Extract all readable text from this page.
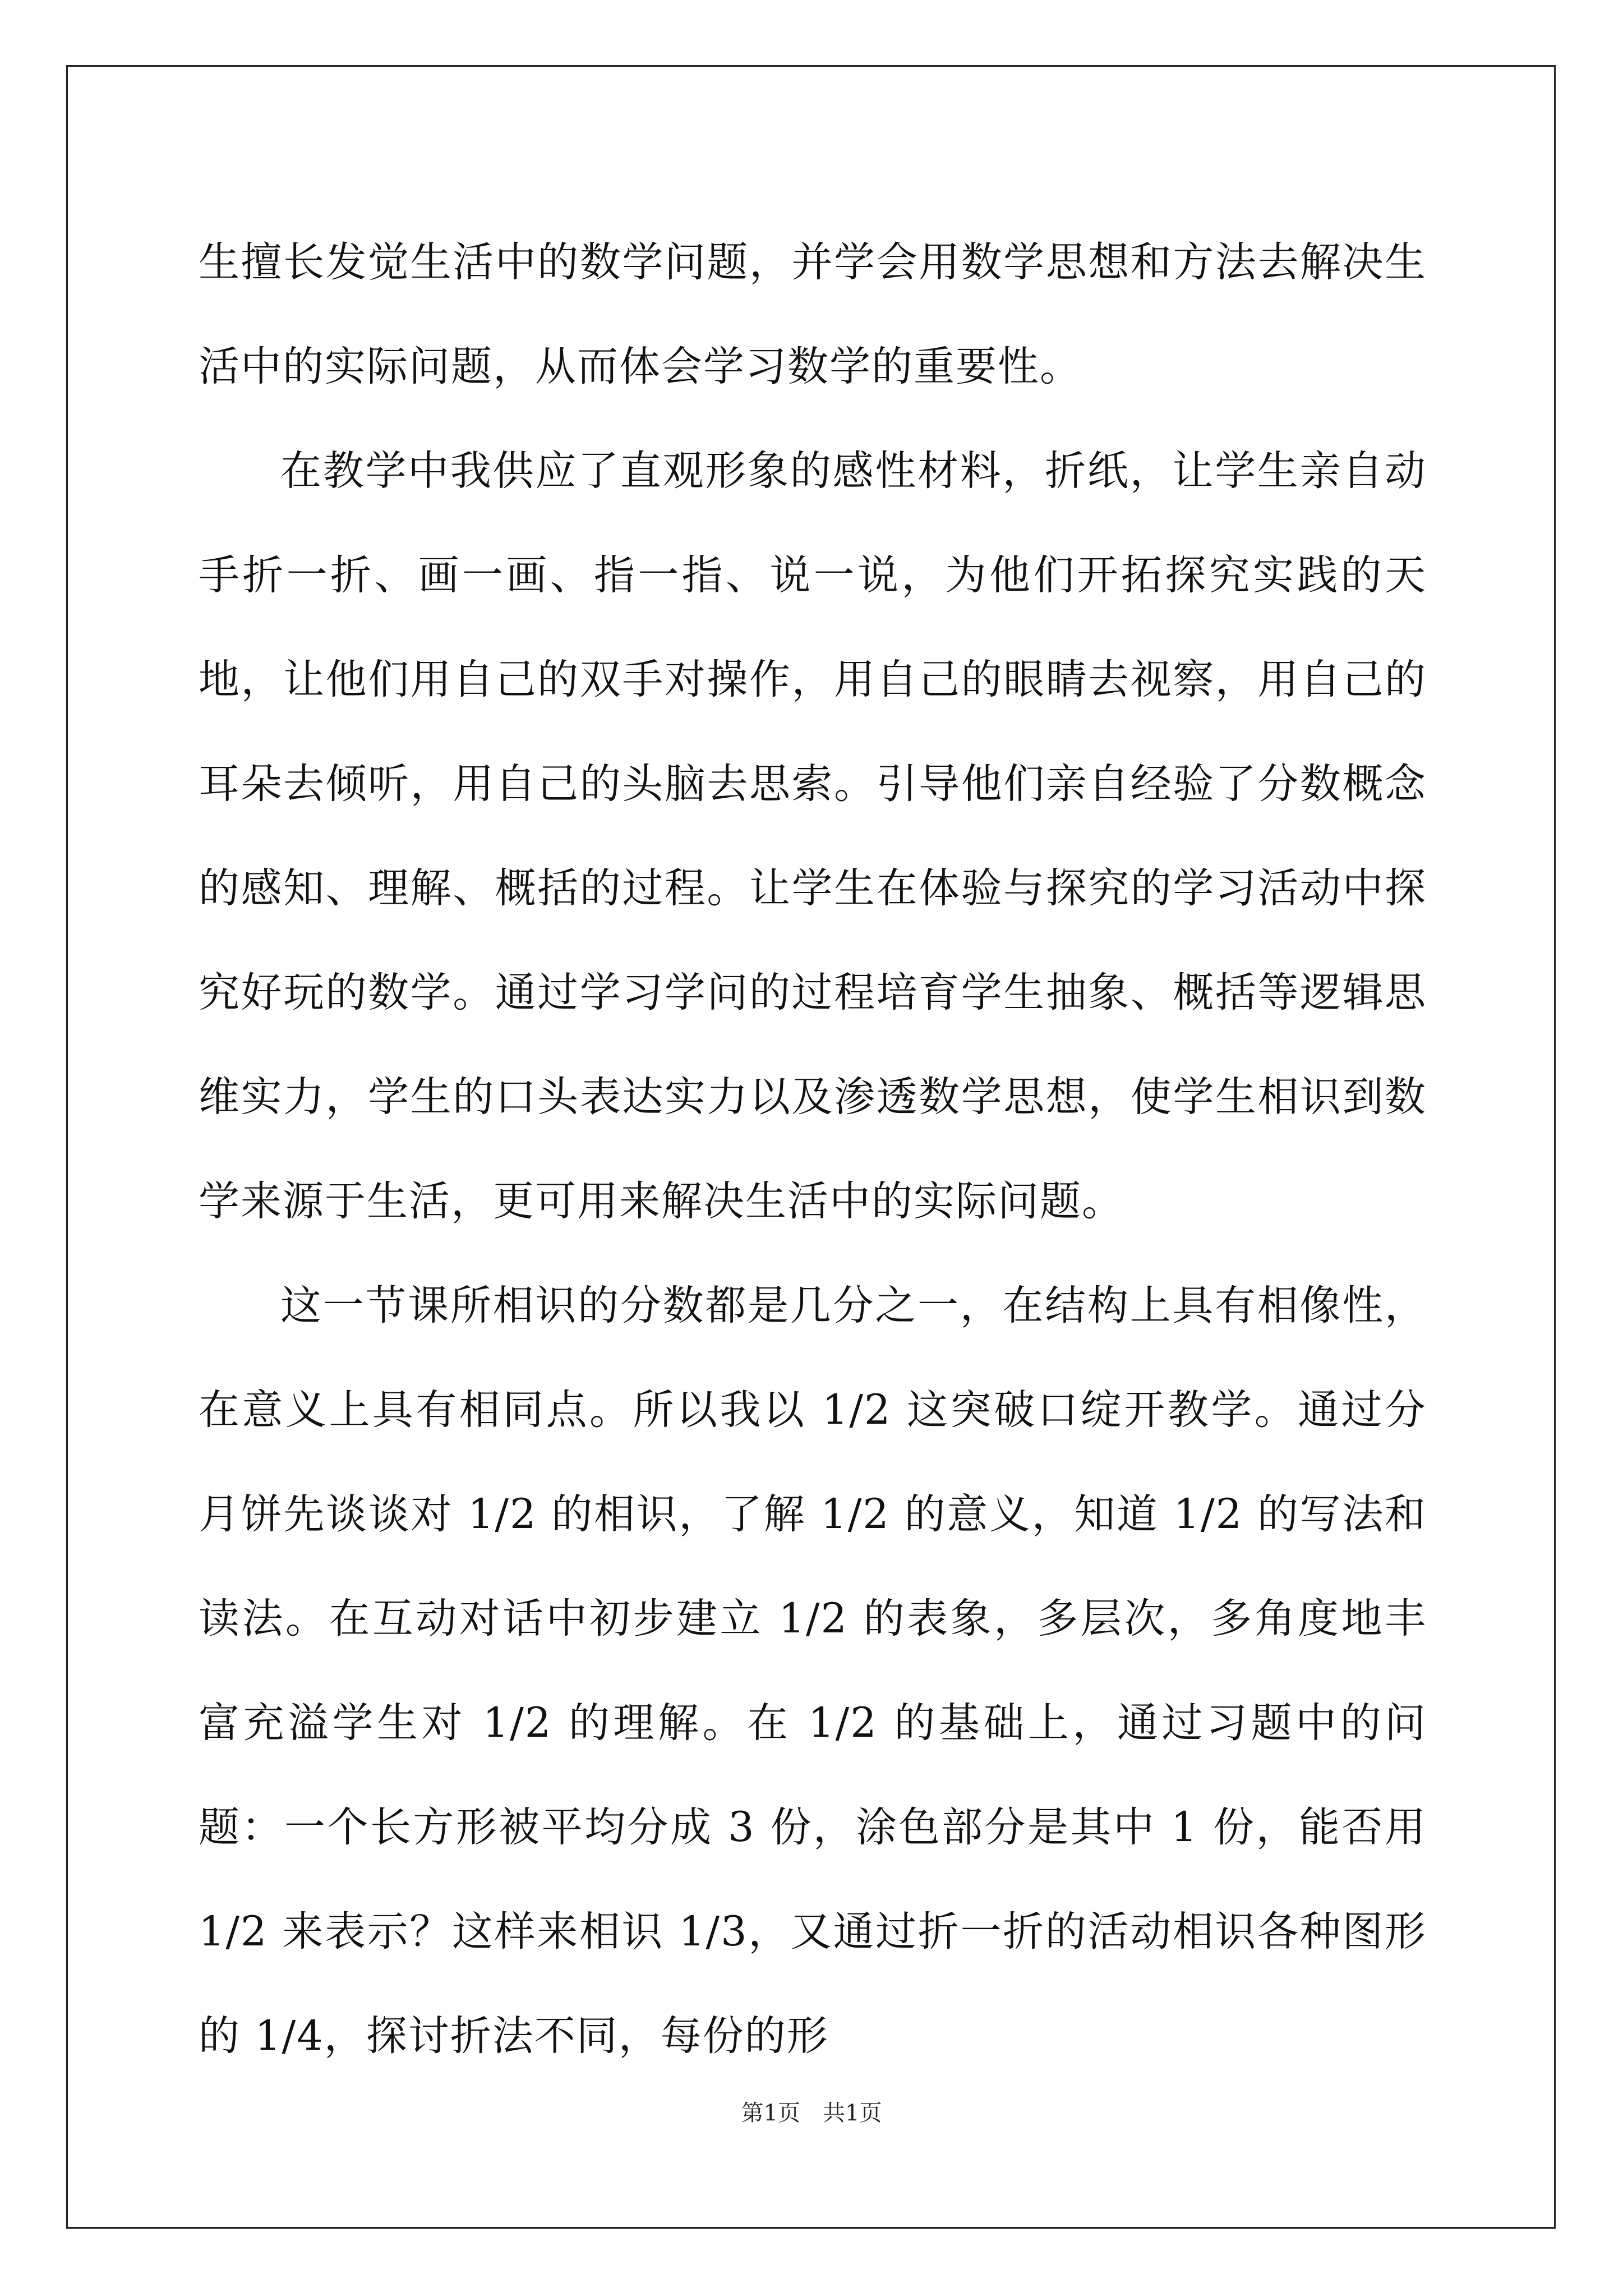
生擅长发觉生活中的数学问题，并学会用数学思想和方法去解决生活中的实际问题，从而体会学习数学的重要性。

在教学中我供应了直观形象的感性材料，折纸，让学生亲自动手折一折、画一画、指一指、说一说，为他们开拓探究实践的天地，让他们用自己的双手对操作，用自己的眼睛去视察，用自己的耳朵去倾听，用自己的头脑去思索。引导他们亲自经验了分数概念的感知、理解、概括的过程。让学生在体验与探究的学习活动中探究好玩的数学。通过学习学问的过程培育学生抽象、概括等逻辑思维实力，学生的口头表达实力以及渗透数学思想，使学生相识到数学来源于生活，更可用来解决生活中的实际问题。

这一节课所相识的分数都是几分之一，在结构上具有相像性，在意义上具有相同点。所以我以 1/2 这突破口绽开教学。通过分月饼先谈谈对 1/2 的相识，了解 1/2 的意义，知道 1/2 的写法和读法。在互动对话中初步建立 1/2 的表象，多层次，多角度地丰富充溢学生对 1/2 的理解。在 1/2 的基础上，通过习题中的问题：一个长方形被平均分成 3 份，涂色部分是其中 1 份，能否用 1/2 来表示？这样来相识 1/3，又通过折一折的活动相识各种图形的 1/4，探讨折法不同，每份的形

第1页 共1页
